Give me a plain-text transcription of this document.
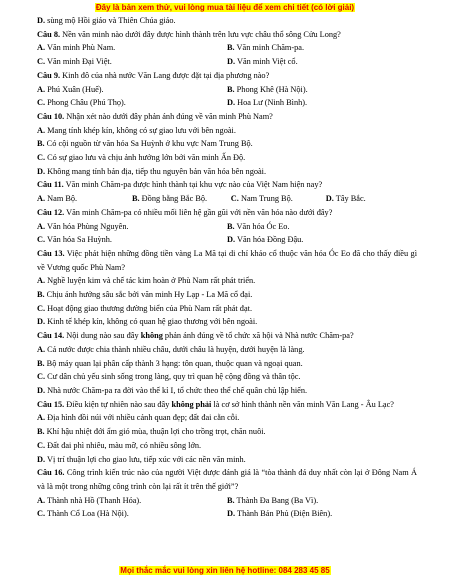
Đây là bản xem thử, vui lòng mua tài liệu để xem chi tiết (có lời giải)
D. sùng mộ Hồi giáo và Thiên Chúa giáo.
Câu 8. Nền văn minh nào dưới đây được hình thành trên lưu vực châu thổ sông Cửu Long?
A. Văn minh Phù Nam.	B. Văn minh Chăm-pa.
C. Văn minh Đại Việt.	D. Văn minh Việt cổ.
Câu 9. Kinh đô của nhà nước Văn Lang được đặt tại địa phương nào?
A. Phú Xuân (Huế).	B. Phong Khê (Hà Nội).
C. Phong Châu (Phú Thọ).	D. Hoa Lư (Ninh Bình).
Câu 10. Nhận xét nào dưới đây phản ánh đúng về văn minh Phù Nam?
A. Mang tính khép kín, không có sự giao lưu với bên ngoài.
B. Có cội nguồn từ văn hóa Sa Huỳnh ở khu vực Nam Trung Bộ.
C. Có sự giao lưu và chịu ảnh hưởng lớn bởi văn minh Ấn Độ.
D. Không mang tính bản địa, tiếp thu nguyên bản văn hóa bên ngoài.
Câu 11. Văn minh Chăm-pa được hình thành tại khu vực nào của Việt Nam hiện nay?
A. Nam Bộ.	B. Đồng bằng Bắc Bộ.	C. Nam Trung Bộ.	D. Tây Bắc.
Câu 12. Văn minh Chăm-pa có nhiều mối liên hệ gần gũi với nền văn hóa nào dưới đây?
A. Văn hóa Phùng Nguyên.	B. Văn hóa Óc Eo.
C. Văn hóa Sa Huỳnh.	D. Văn hóa Đồng Đậu.
Câu 13. Việc phát hiện những đồng tiền vàng La Mã tại di chỉ khảo cổ thuộc văn hóa Óc Eo đã cho thấy điều gì về Vương quốc Phù Nam?
A. Nghề luyện kim và chế tác kim hoàn ở Phù Nam rất phát triển.
B. Chịu ảnh hưởng sâu sắc bởi văn minh Hy Lạp - La Mã cổ đại.
C. Hoạt động giao thương đường biển của Phù Nam rất phát đạt.
D. Kinh tế khép kín, không có quan hệ giao thương với bên ngoài.
Câu 14. Nội dung nào sau đây không phản ánh đúng về tổ chức xã hội và Nhà nước Chăm-pa?
A. Cả nước được chia thành nhiều châu, dưới châu là huyện, dưới huyện là làng.
B. Bộ máy quan lại phân cấp thành 3 hạng: tôn quan, thuộc quan và ngoại quan.
C. Cư dân chủ yếu sinh sống trong làng, quy trì quan hệ cộng đồng và thân tộc.
D. Nhà nước Chăm-pa ra đời vào thế kỉ I, tổ chức theo thể chế quân chủ lập hiến.
Câu 15. Điều kiện tự nhiên nào sau đây không phải là cơ sở hình thành nền văn minh Văn Lang - Âu Lạc?
A. Địa hình đồi núi với nhiều cảnh quan đẹp; đất đai cằn cỗi.
B. Khí hậu nhiệt đới ẩm gió mùa, thuận lợi cho trồng trọt, chăn nuôi.
C. Đất đai phì nhiêu, màu mỡ, có nhiều sông lớn.
D. Vị trí thuận lợi cho giao lưu, tiếp xúc với các nền văn minh.
Câu 16. Công trình kiến trúc nào của người Việt được đánh giá là “tòa thành đá duy nhất còn lại ở Đông Nam Á và là một trong những công trình còn lại rất ít trên thế giới”?
A. Thành nhà Hồ (Thanh Hóa).	B. Thành Đa Bang (Ba Vì).
C. Thành Cổ Loa (Hà Nội).	D. Thành Bản Phủ (Điện Biên).
Mọi thắc mắc vui lòng xin liên hệ hotline: 084 283 45 85
